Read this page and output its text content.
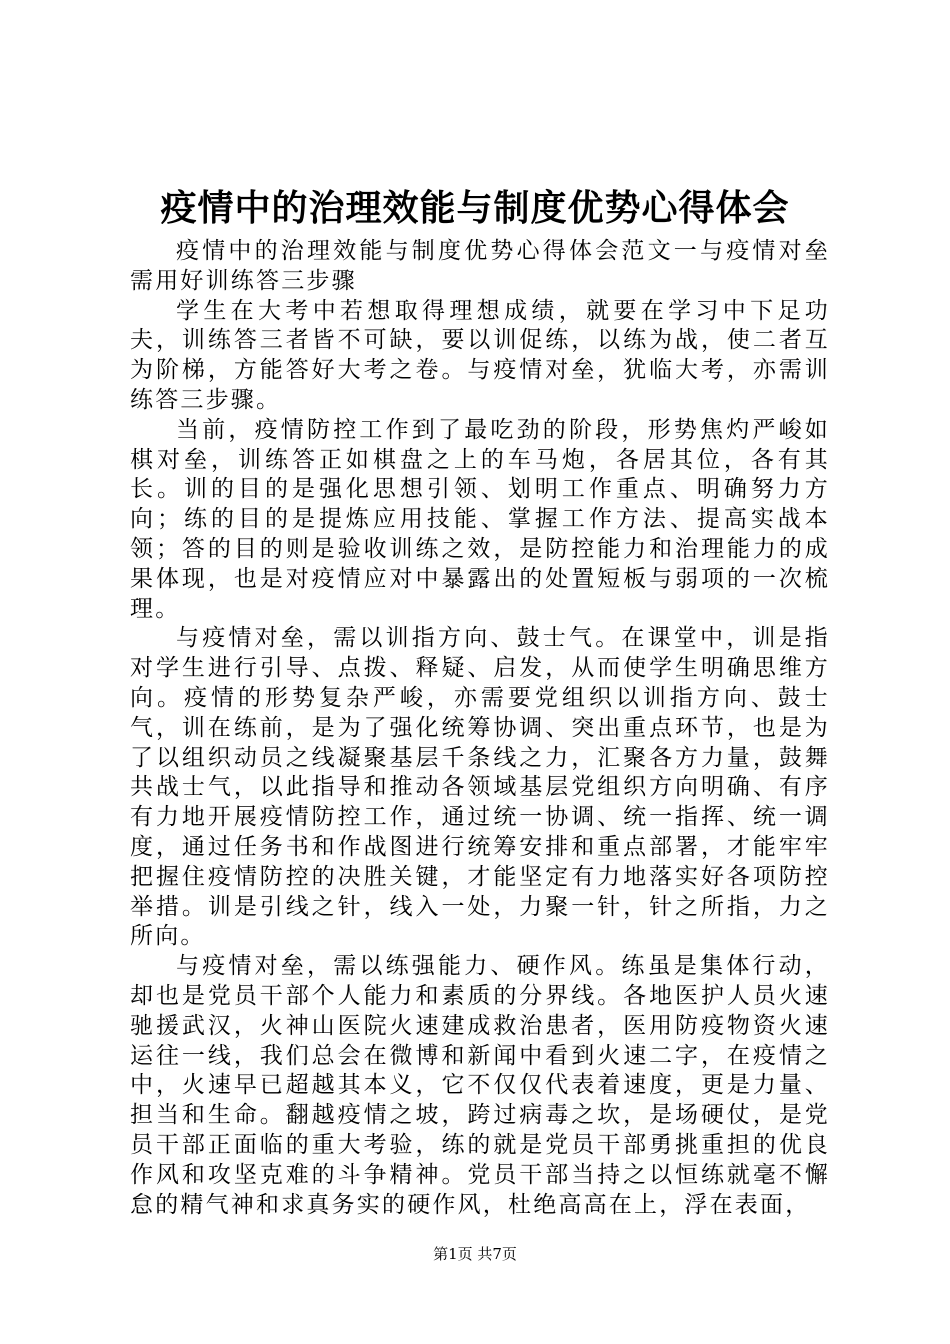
疫情中的治理效能与制度优势心得体会

疫情中的治理效能与制度优势心得体会范文一与疫情对垒需用好训练答三步骤

学生在大考中若想取得理想成绩，就要在学习中下足功夫，训练答三者皆不可缺，要以训促练，以练为战，使二者互为阶梯，方能答好大考之卷。与疫情对垒，犹临大考，亦需训练答三步骤。

当前，疫情防控工作到了最吃劲的阶段，形势焦灼严峻如棋对垒，训练答正如棋盘之上的车马炮，各居其位，各有其长。训的目的是强化思想引领、划明工作重点、明确努力方向；练的目的是提炼应用技能、掌握工作方法、提高实战本领；答的目的则是验收训练之效，是防控能力和治理能力的成果体现，也是对疫情应对中暴露出的处置短板与弱项的一次梳理。

与疫情对垒，需以训指方向、鼓士气。在课堂中，训是指对学生进行引导、点拨、释疑、启发，从而使学生明确思维方向。疫情的形势复杂严峻，亦需要党组织以训指方向、鼓士气，训在练前，是为了强化统筹协调、突出重点环节，也是为了以组织动员之线凝聚基层千条线之力，汇聚各方力量，鼓舞共战士气，以此指导和推动各领域基层党组织方向明确、有序有力地开展疫情防控工作，通过统一协调、统一指挥、统一调度，通过任务书和作战图进行统筹安排和重点部署，才能牢牢把握住疫情防控的决胜关键，才能坚定有力地落实好各项防控举措。训是引线之针，线入一处，力聚一针，针之所指，力之所向。

与疫情对垒，需以练强能力、硬作风。练虽是集体行动，却也是党员干部个人能力和素质的分界线。各地医护人员火速驰援武汉，火神山医院火速建成救治患者，医用防疫物资火速运往一线，我们总会在微博和新闻中看到火速二字，在疫情之中，火速早已超越其本义，它不仅仅代表着速度，更是力量、担当和生命。翻越疫情之坡，跨过病毒之坎，是场硬仗，是党员干部正面临的重大考验，练的就是党员干部勇挑重担的优良作风和攻坚克难的斗争精神。党员干部当持之以恒练就毫不懈怠的精气神和求真务实的硬作风，杜绝高高在上，浮在表面，

第1页 共7页
